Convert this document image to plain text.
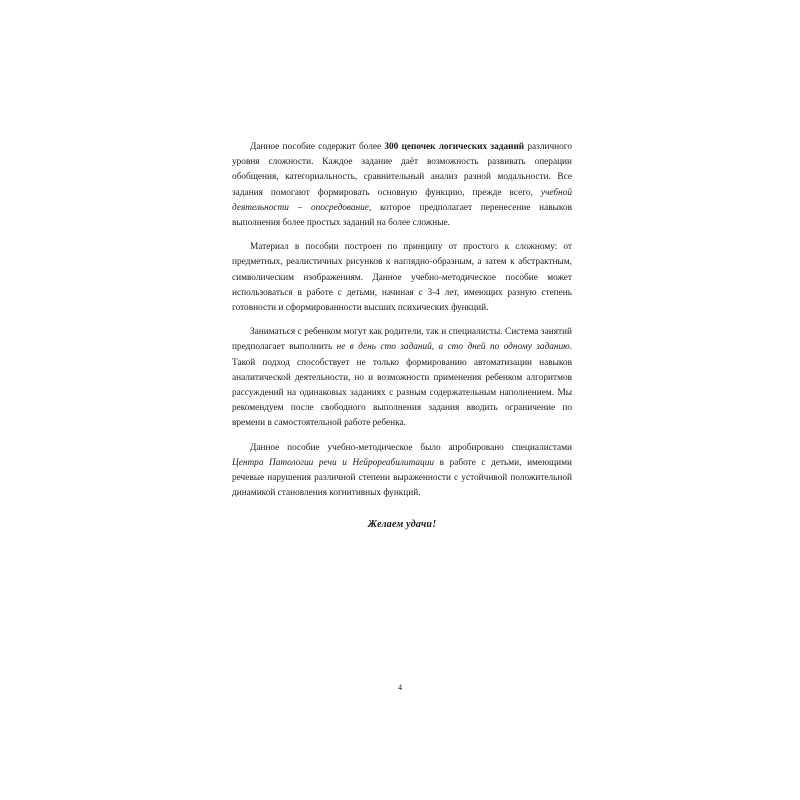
Данное пособие содержит более 300 цепочек логических заданий различного уровня сложности. Каждое задание даёт возможность развивать операции обобщения, категориальность, сравнительный анализ разной модальности. Все задания помогают формировать основную функцию, прежде всего, учебной деятельности – опосредование, которое предполагает перенесение навыков выполнения более простых заданий на более сложные.

Материал в пособии построен по принципу от простого к сложному: от предметных, реалистичных рисунков к наглядно-образным, а затем к абстрактным, символическим изображениям. Данное учебно-методическое пособие может использоваться в работе с детьми, начиная с 3-4 лет, имеющих разную степень готовности и сформированности высших психических функций.

Заниматься с ребенком могут как родители, так и специалисты. Система занятий предполагает выполнить не в день сто заданий, а сто дней по одному заданию. Такой подход способствует не только формированию автоматизации навыков аналитической деятельности, но и возможности применения ребенком алгоритмов рассуждений на одинаковых заданиях с разным содержательным наполнением. Мы рекомендуем после свободного выполнения задания вводить ограничение по времени в самостоятельной работе ребенка.

Данное пособие учебно-методическое было апробировано специалистами Центра Патологии речи и Нейрореабилитации в работе с детьми, имеющими речевые нарушения различной степени выраженности с устойчивой положительной динамикой становления когнитивных функций.

Желаем удачи!

4
